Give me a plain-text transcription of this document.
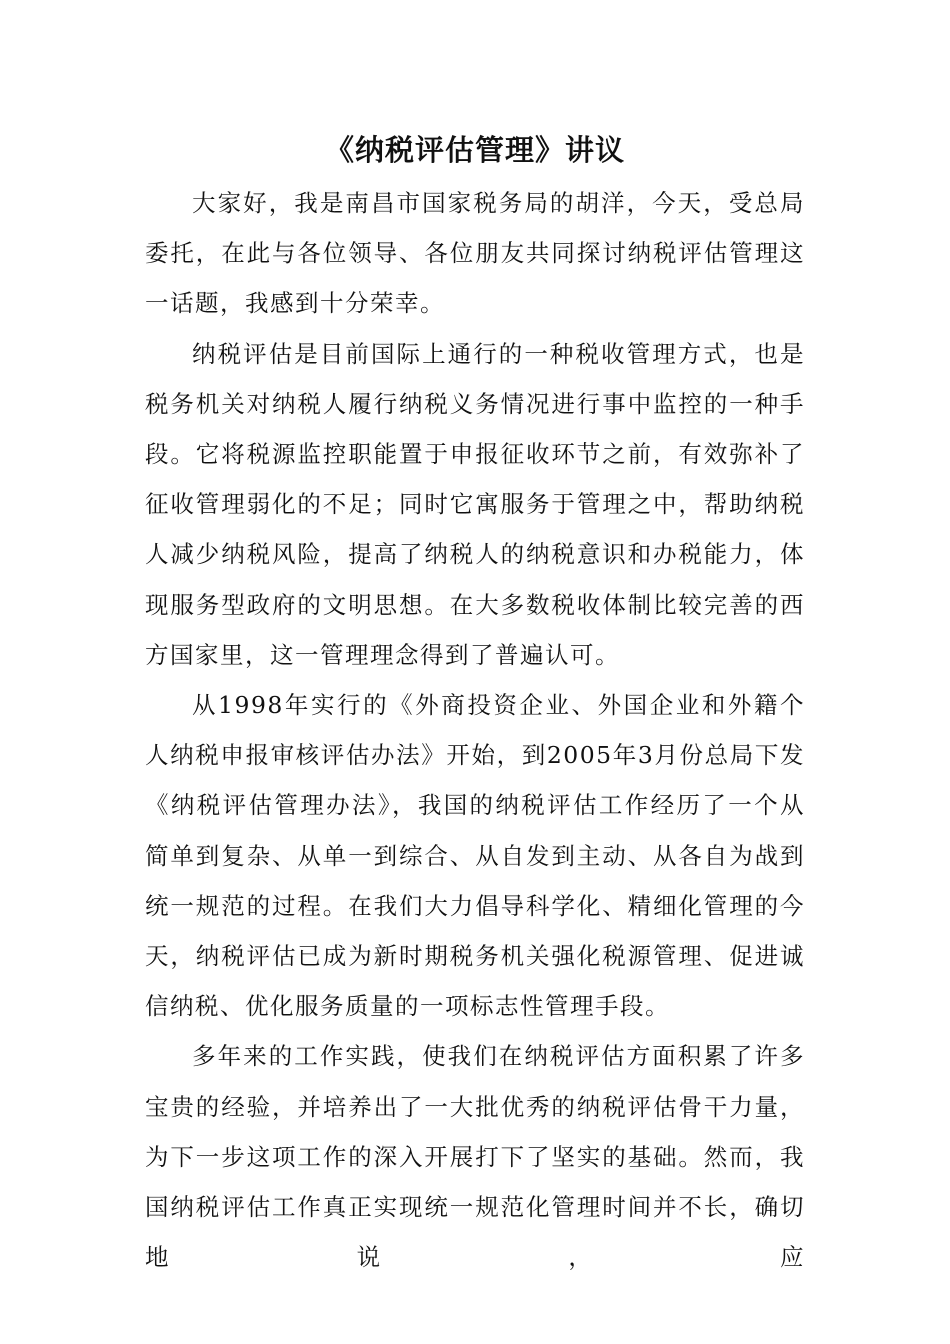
《纳税评估管理》讲议

大家好，我是南昌市国家税务局的胡洋，今天，受总局委托，在此与各位领导、各位朋友共同探讨纳税评估管理这一话题，我感到十分荣幸。

纳税评估是目前国际上通行的一种税收管理方式，也是税务机关对纳税人履行纳税义务情况进行事中监控的一种手段。它将税源监控职能置于申报征收环节之前，有效弥补了征收管理弱化的不足；同时它寓服务于管理之中，帮助纳税人减少纳税风险，提高了纳税人的纳税意识和办税能力，体现服务型政府的文明思想。在大多数税收体制比较完善的西方国家里，这一管理理念得到了普遍认可。

从1998年实行的《外商投资企业、外国企业和外籍个人纳税申报审核评估办法》开始，到2005年3月份总局下发《纳税评估管理办法》，我国的纳税评估工作经历了一个从简单到复杂、从单一到综合、从自发到主动、从各自为战到统一规范的过程。在我们大力倡导科学化、精细化管理的今天，纳税评估已成为新时期税务机关强化税源管理、促进诚信纳税、优化服务质量的一项标志性管理手段。

多年来的工作实践，使我们在纳税评估方面积累了许多宝贵的经验，并培养出了一大批优秀的纳税评估骨干力量，为下一步这项工作的深入开展打下了坚实的基础。然而，我国纳税评估工作真正实现统一规范化管理时间并不长，确切地说，应
